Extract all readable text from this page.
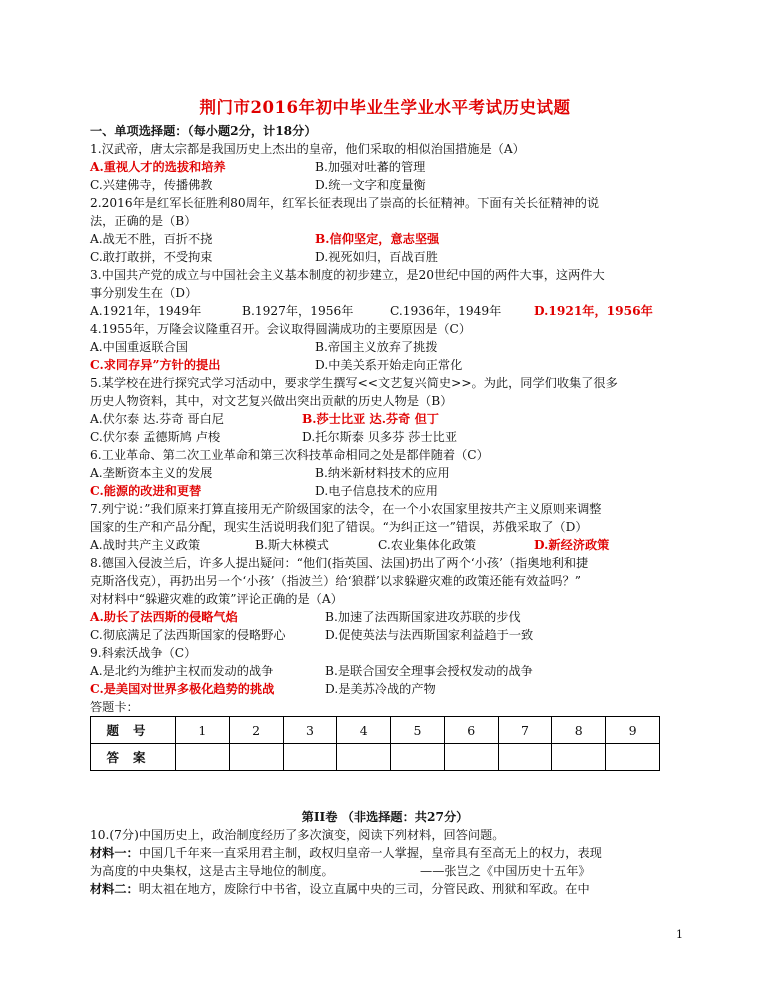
荆门市2016年初中毕业生学业水平考试历史试题
一、单项选择题：（每小题2分，计18分）
1.汉武帝，唐太宗都是我国历史上杰出的皇帝，他们采取的相似治国措施是（A）
A.重视人才的选拔和培养	B.加强对吐蕃的管理
C.兴建佛寺，传播佛教	D.统一文字和度量衡
2.2016年是红军长征胜利80周年，红军长征表现出了崇高的长征精神。下面有关长征精神的说
法，正确的是（B）
A.战无不胜，百折不挠	B.信仰坚定，意志坚强
C.敢打敢拼，不受拘束	D.视死如归，百战百胜
3.中国共产党的成立与中国社会主义基本制度的初步建立，是20世纪中国的两件大事，这两件大
事分别发生在（D）
A.1921年，1949年	B.1927年，1956年	C.1936年，1949年	D.1921年，1956年
4.1955年，万隆会议隆重召开。会议取得圆满成功的主要原因是（C）
A.中国重返联合国	B.帝国主义放弃了挑拨
C.求同存异”方针的提出	D.中美关系开始走向正常化
5.某学校在进行探究式学习活动中，要求学生撰写<<文艺复兴简史>>。为此，同学们收集了很多
历史人物资料，其中，对文艺复兴做出突出贡献的历史人物是（B）
A.伏尔泰 达.芬奇 哥白尼	B.莎士比亚 达.芬奇 但丁
C.伏尔泰 孟德斯鸠 卢梭	D.托尔斯泰 贝多芬 莎士比亚
6.工业革命、第二次工业革命和第三次科技革命相同之处是都伴随着（C）
A.垄断资本主义的发展	B.纳米新材料技术的应用
C.能源的改进和更替	D.电子信息技术的应用
7.列宁说：”我们原来打算直接用无产阶级国家的法令，在一个小农国家里按共产主义原则来调整
国家的生产和产品分配，现实生活说明我们犯了错误。“为纠正这一”错误，苏俄采取了（D）
A.战时共产主义政策	B.斯大林模式	C.农业集体化政策	D.新经济政策
8.德国入侵波兰后，许多人提出疑问：“他们(指英国、法国)扔出了两个‘小孩’（指奥地利和捷
克斯洛伐克），再扔出另一个‘小孩’（指波兰）给‘狼群’以求躲避灾难的政策还能有效益吗？”
对材料中“躲避灾难的政策”评论正确的是（A）
A.助长了法西斯的侵略气焰	B.加速了法西斯国家进攻苏联的步伐
C.彻底满足了法西斯国家的侵略野心	D.促使英法与法西斯国家利益趋于一致
9.科索沃战争（C）
A.是北约为维护主权而发动的战争	B.是联合国安全理事会授权发动的战争
C.是美国对世界多极化趋势的挑战	D.是美苏冷战的产物
答题卡：
题号	1	2	3	4	5	6	7	8	9
答案									
第II卷 （非选择题：共27分）
10.(7分)中国历史上，政治制度经历了多次演变，阅读下列材料，回答问题。
材料一：中国几千年来一直采用君主制，政权归皇帝一人掌握，皇帝具有至高无上的权力，表现
为高度的中央集权，这是古主导地位的制度。	——张岂之《中国历史十五年》
材料二：明太祖在地方，废除行中书省，设立直属中央的三司，分管民政、刑狱和军政。在中
1
